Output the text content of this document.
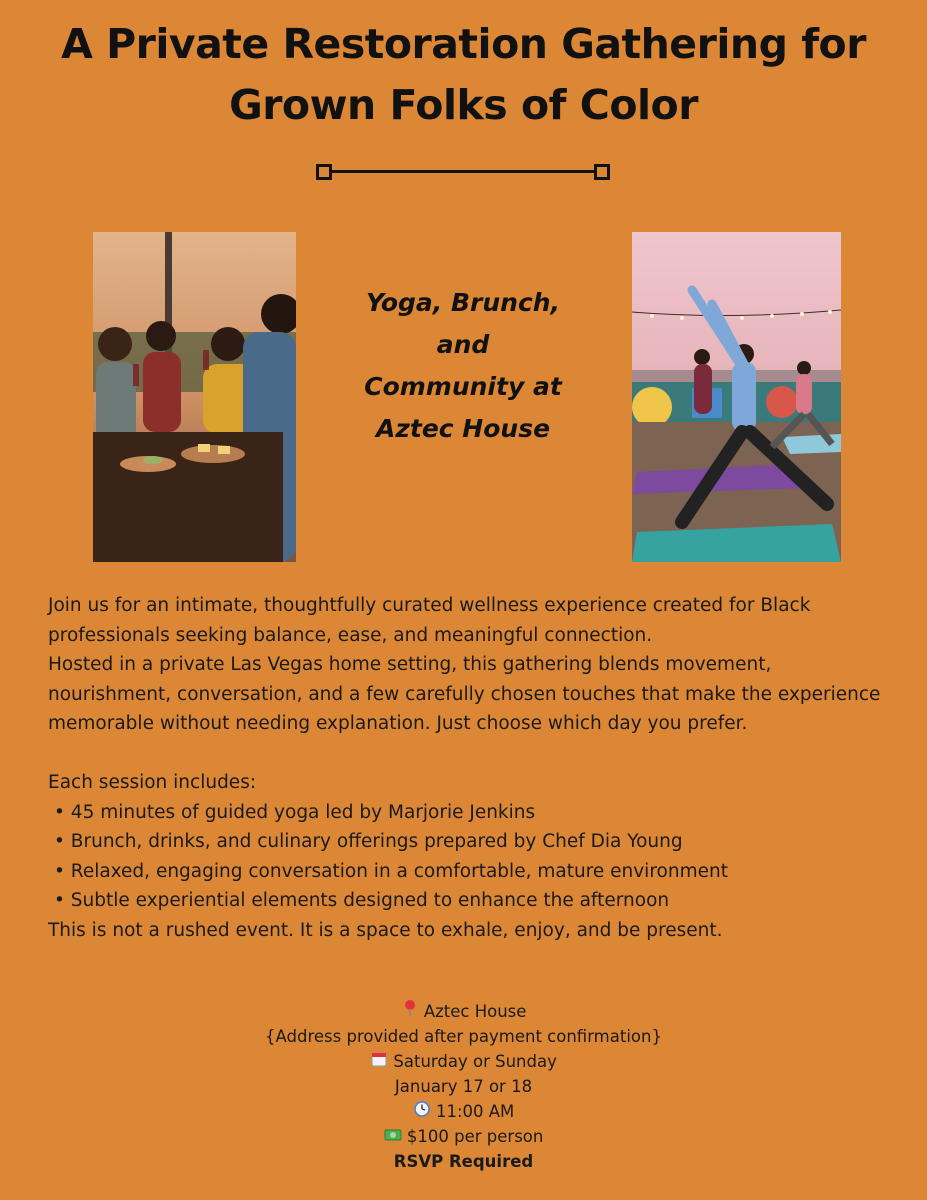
A Private Restoration Gathering for
Grown Folks of Color
Yoga, Brunch,
and
Community at
Aztec House

Join us for an intimate, thoughtfully curated wellness experience created for Black professionals seeking balance, ease, and meaningful connection.

Hosted in a private Las Vegas home setting, this gathering blends movement, nourishment, conversation, and a few carefully chosen touches that make the experience memorable without needing explanation. Just choose which day you prefer.

Each session includes:

• 45 minutes of guided yoga led by Marjorie Jenkins

• Brunch, drinks, and culinary offerings prepared by Chef Dia Young

• Relaxed, engaging conversation in a comfortable, mature environment

• Subtle experiential elements designed to enhance the afternoon

This is not a rushed event. It is a space to exhale, enjoy, and be present.

Aztec House
{Address provided after payment confirmation}
Saturday or Sunday
January 17 or 18
11:00 AM
$100 per person
RSVP Required
